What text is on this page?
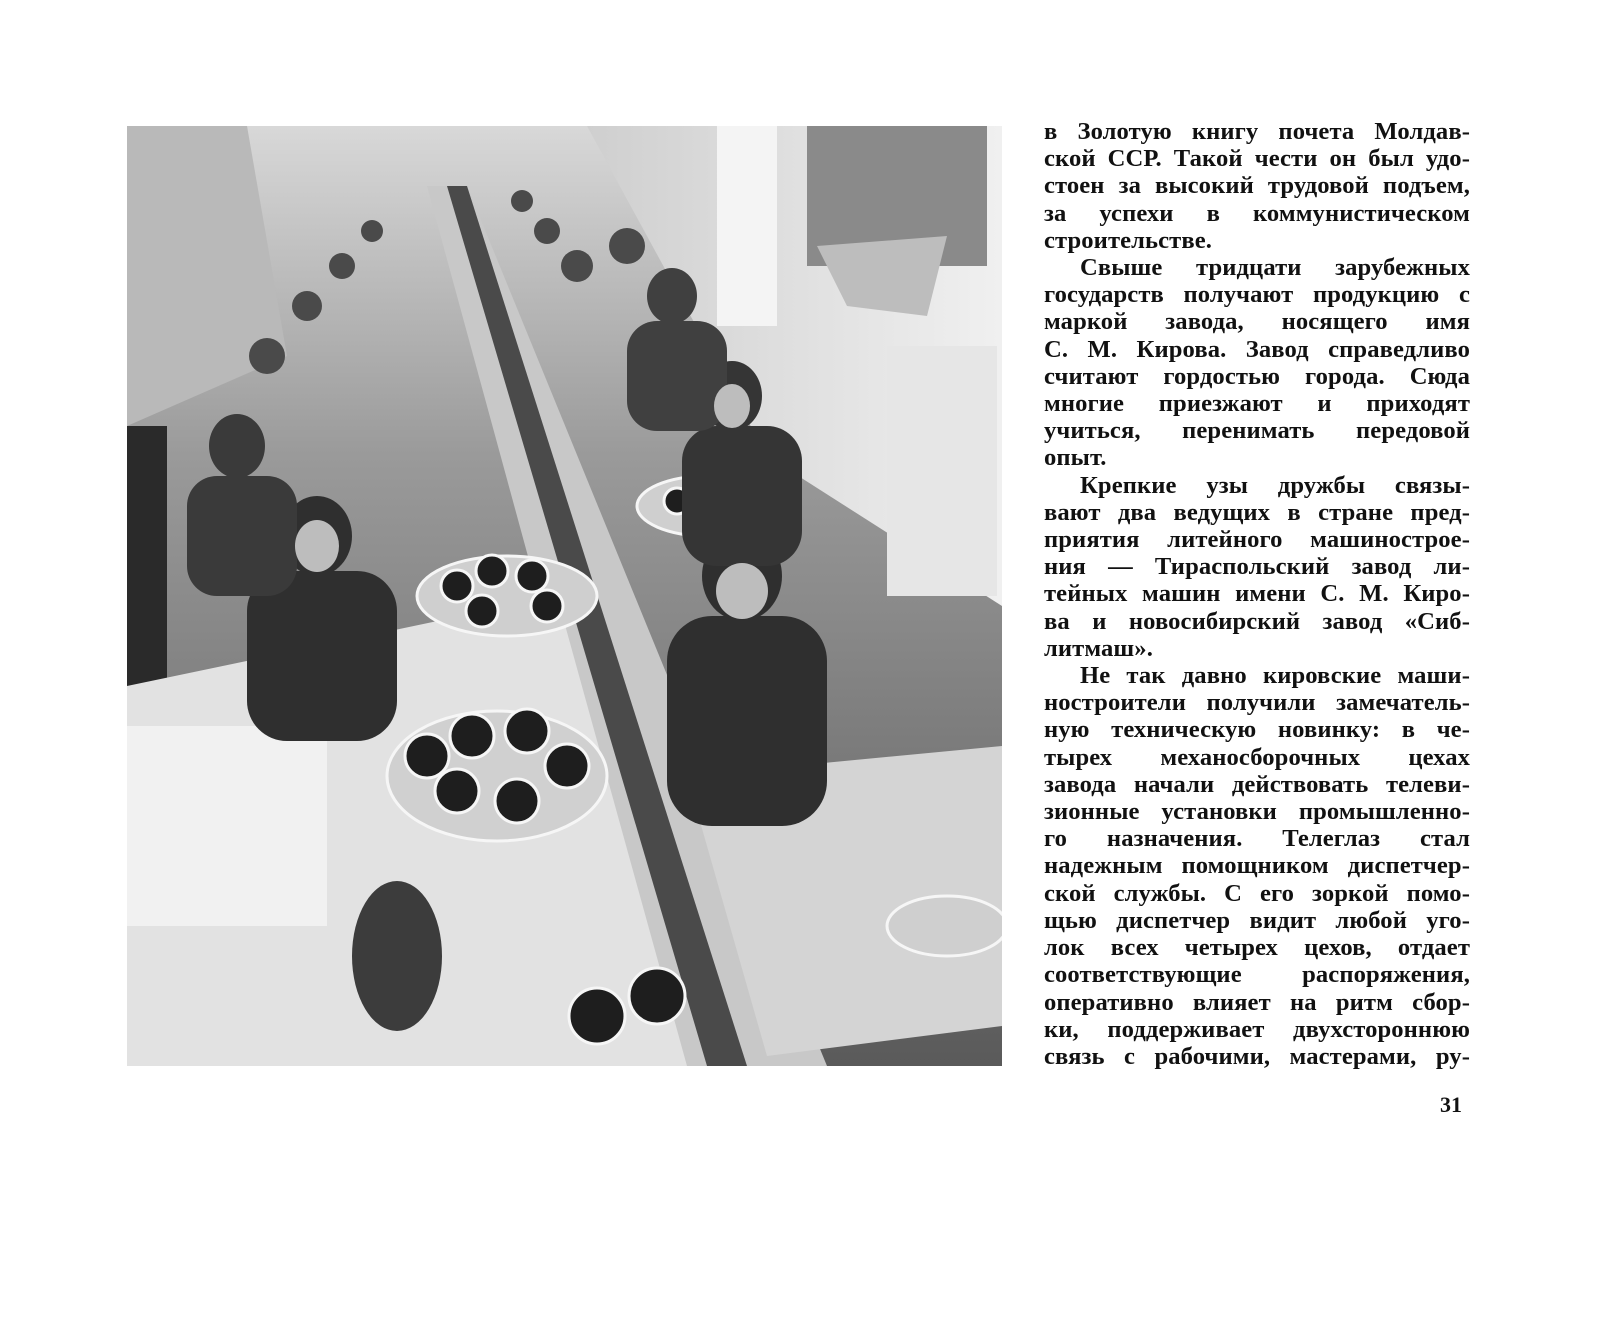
в Золотую книгу почета Молдав-
ской ССР. Такой чести он был удо-
стоен за высокий трудовой подъем,
за успехи в коммунистическом
строительстве.

Свыше тридцати зарубежных
государств получают продукцию с
маркой завода, носящего имя
С. М. Кирова. Завод справедливо
считают гордостью города. Сюда
многие приезжают и приходят
учиться, перенимать передовой
опыт.

Крепкие узы дружбы связы-
вают два ведущих в стране пред-
приятия литейного машинострое-
ния — Тираспольский завод ли-
тейных машин имени С. М. Киро-
ва и новосибирский завод «Сиб-
литмаш».

Не так давно кировские маши-
ностроители получили замечатель-
ную техническую новинку: в че-
тырех механосборочных цехах
завода начали действовать телеви-
зионные установки промышленно-
го назначения. Телеглаз стал
надежным помощником диспетчер-
ской службы. С его зоркой помо-
щью диспетчер видит любой уго-
лок всех четырех цехов, отдает
соответствующие распоряжения,
оперативно влияет на ритм сбор-
ки, поддерживает двухстороннюю
связь с рабочими, мастерами, ру-

31
